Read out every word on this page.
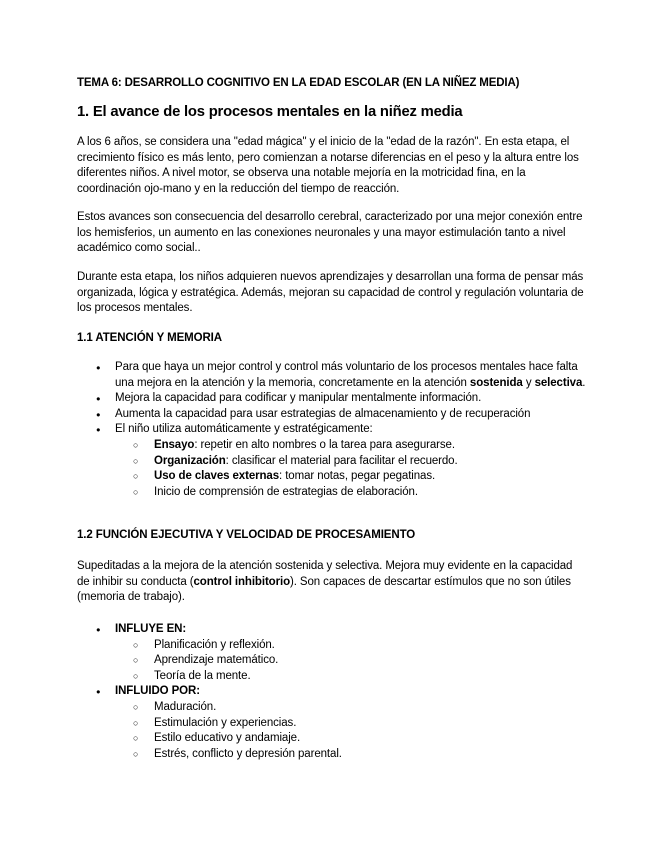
TEMA 6: DESARROLLO COGNITIVO EN LA EDAD ESCOLAR (EN LA NIÑEZ MEDIA)
1. El avance de los procesos mentales en la niñez media

A los 6 años, se considera una "edad mágica" y el inicio de la "edad de la razón". En esta etapa, el crecimiento físico es más lento, pero comienzan a notarse diferencias en el peso y la altura entre los diferentes niños. A nivel motor, se observa una notable mejoría en la motricidad fina, en la coordinación ojo-mano y en la reducción del tiempo de reacción.

Estos avances son consecuencia del desarrollo cerebral, caracterizado por una mejor conexión entre los hemisferios, un aumento en las conexiones neuronales y una mayor estimulación tanto a nivel académico como social..

Durante esta etapa, los niños adquieren nuevos aprendizajes y desarrollan una forma de pensar más organizada, lógica y estratégica. Además, mejoran su capacidad de control y regulación voluntaria de los procesos mentales.

1.1 ATENCIÓN Y MEMORIA
● Para que haya un mejor control y control más voluntario de los procesos mentales hace falta una mejora en la atención y la memoria, concretamente en la atención sostenida y selectiva.
● Mejora la capacidad para codificar y manipular mentalmente información.
● Aumenta la capacidad para usar estrategias de almacenamiento y de recuperación
● El niño utiliza automáticamente y estratégicamente:
○ Ensayo: repetir en alto nombres o la tarea para asegurarse.
○ Organización: clasificar el material para facilitar el recuerdo.
○ Uso de claves externas: tomar notas, pegar pegatinas.
○ Inicio de comprensión de estrategias de elaboración.
1.2 FUNCIÓN EJECUTIVA Y VELOCIDAD DE PROCESAMIENTO

Supeditadas a la mejora de la atención sostenida y selectiva. Mejora muy evidente en la capacidad de inhibir su conducta (control inhibitorio). Son capaces de descartar estímulos que no son útiles (memoria de trabajo).

● INFLUYE EN:
○ Planificación y reflexión.
○ Aprendizaje matemático.
○ Teoría de la mente.
● INFLUIDO POR:
○ Maduración.
○ Estimulación y experiencias.
○ Estilo educativo y andamiaje.
○ Estrés, conflicto y depresión parental.
